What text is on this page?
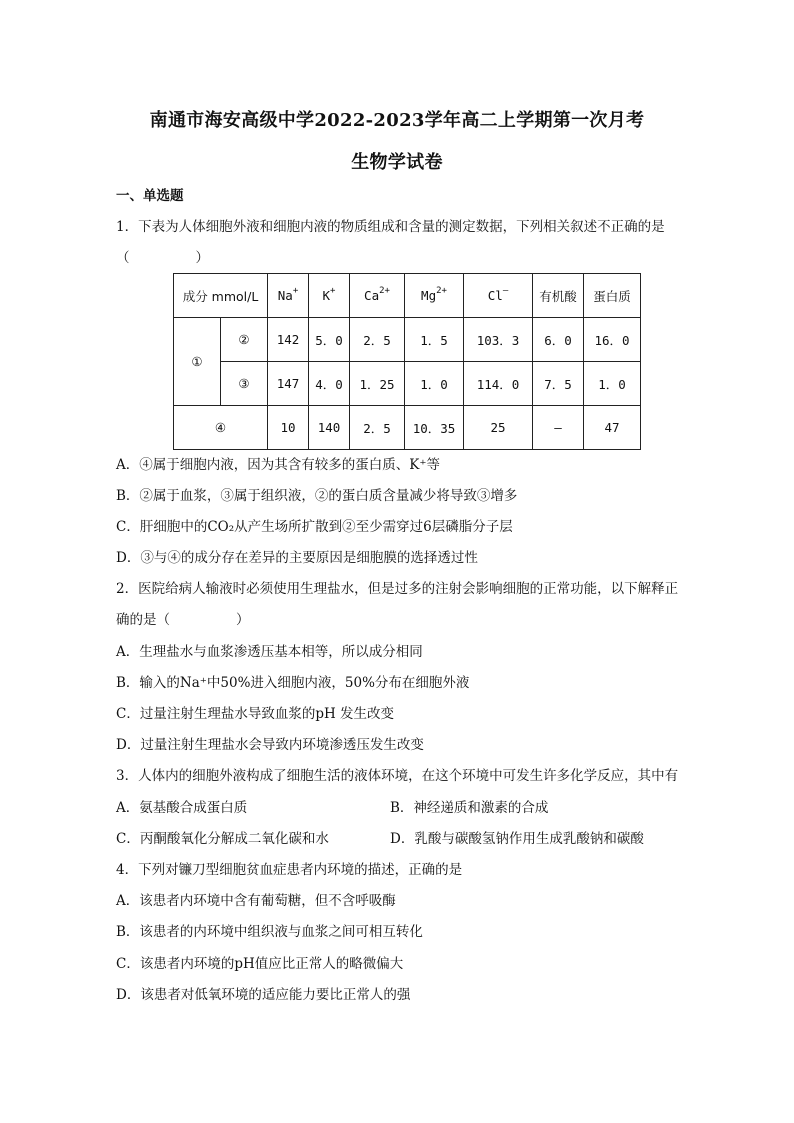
南通市海安高级中学2022-2023学年高二上学期第一次月考
生物学试卷
一、单选题
1．下表为人体细胞外液和细胞内液的物质组成和含量的测定数据，下列相关叙述不正确的是
（	）
成分 mmol/L		Na+	K+	$Ca^{2+}$	$Mg^{2+}$	Cl—	有机酸	蛋白质
①	②	142	5．0	2．5	1．5	103．3	6．0	16．0
	③	147	4．0	1．25	1．0	114．0	7．5	1．0
④		10	140	2．5	10．35	25	—	47
A．④属于细胞内液，因为其含有较多的蛋白质、K⁺等
B．②属于血浆，③属于组织液，②的蛋白质含量减少将导致③增多
C．肝细胞中的CO₂从产生场所扩散到②至少需穿过6层磷脂分子层
D．③与④的成分存在差异的主要原因是细胞膜的选择透过性
2．医院给病人输液时必须使用生理盐水，但是过多的注射会影响细胞的正常功能，以下解释正
确的是（	）
A．生理盐水与血浆渗透压基本相等，所以成分相同
B．输入的Na⁺中50%进入细胞内液，50%分布在细胞外液
C．过量注射生理盐水导致血浆的pH 发生改变
D．过量注射生理盐水会导致内环境渗透压发生改变
3．人体内的细胞外液构成了细胞生活的液体环境，在这个环境中可发生许多化学反应，其中有
A．氨基酸合成蛋白质	B．神经递质和激素的合成
C．丙酮酸氧化分解成二氧化碳和水	D．乳酸与碳酸氢钠作用生成乳酸钠和碳酸
4．下列对镰刀型细胞贫血症患者内环境的描述，正确的是
A．该患者内环境中含有葡萄糖，但不含呼吸酶
B．该患者的内环境中组织液与血浆之间可相互转化
C．该患者内环境的pH值应比正常人的略微偏大
D．该患者对低氧环境的适应能力要比正常人的强
